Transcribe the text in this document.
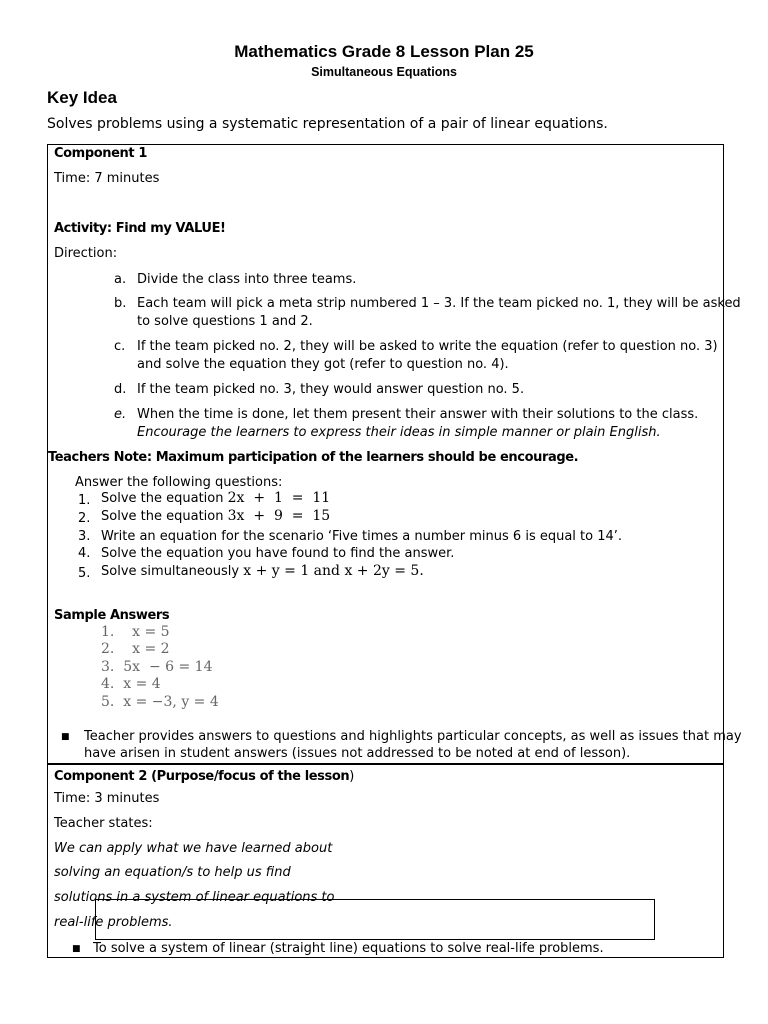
Mathematics Grade 8 Lesson Plan 25
Simultaneous Equations
Key Idea
Solves problems using a systematic representation of a pair of linear equations.
Component 1
Time: 7 minutes
Activity: Find my VALUE!
Direction:
a. Divide the class into three teams.
b. Each team will pick a meta strip numbered 1 – 3. If the team picked no. 1, they will be asked
to solve questions 1 and 2.
c. If the team picked no. 2, they will be asked to write the equation (refer to question no. 3)
and solve the equation they got (refer to question no. 4).
d. If the team picked no. 3, they would answer question no. 5.
e. When the time is done, let them present their answer with their solutions to the class.
Encourage the learners to express their ideas in simple manner or plain English.
Teachers Note: Maximum participation of the learners should be encourage.
Answer the following questions:
1. Solve the equation 2x  +  1  =  11
2. Solve the equation 3x  +  9  =  15
3. Write an equation for the scenario ‘Five times a number minus 6 is equal to 14’.
4. Solve the equation you have found to find the answer.
5. Solve simultaneously x + y = 1 and x + 2y = 5.
Sample Answers
1.    x = 5
2.    x = 2
3.  5x  − 6 = 14
4.  x = 4
5.  x = −3, y = 4
■ Teacher provides answers to questions and highlights particular concepts, as well as issues that may
have arisen in student answers (issues not addressed to be noted at end of lesson).
Component 2 (Purpose/focus of the lesson)
Time: 3 minutes
Teacher states:
We can apply what we have learned about
solving an equation/s to help us find
solutions in a system of linear equations to
real-life problems.
■ To solve a system of linear (straight line) equations to solve real-life problems.
